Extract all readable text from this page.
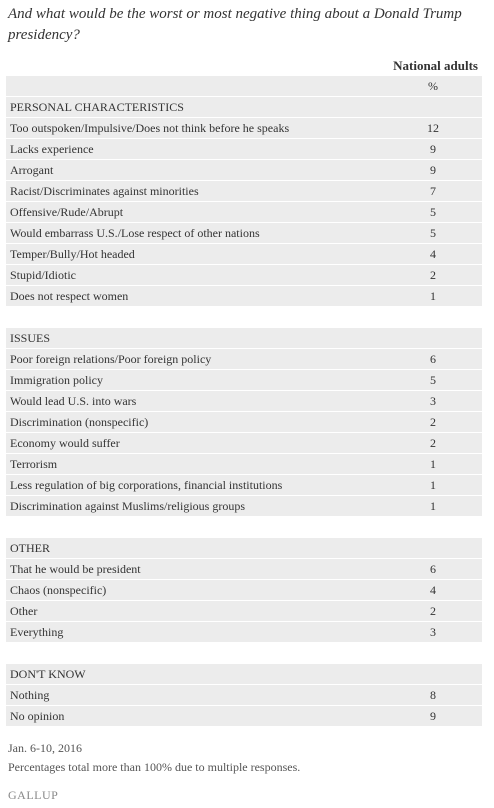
And what would be the worst or most negative thing about a Donald Trump presidency?
National adults
%
PERSONAL CHARACTERISTICS
Too outspoken/Impulsive/Does not think before he speaks	12
Lacks experience	9
Arrogant	9
Racist/Discriminates against minorities	7
Offensive/Rude/Abrupt	5
Would embarrass U.S./Lose respect of other nations	5
Temper/Bully/Hot headed	4
Stupid/Idiotic	2
Does not respect women	1
ISSUES
Poor foreign relations/Poor foreign policy	6
Immigration policy	5
Would lead U.S. into wars	3
Discrimination (nonspecific)	2
Economy would suffer	2
Terrorism	1
Less regulation of big corporations, financial institutions	1
Discrimination against Muslims/religious groups	1
OTHER
That he would be president	6
Chaos (nonspecific)	4
Other	2
Everything	3
DON'T KNOW
Nothing	8
No opinion	9
Jan. 6-10, 2016
Percentages total more than 100% due to multiple responses.
GALLUP
